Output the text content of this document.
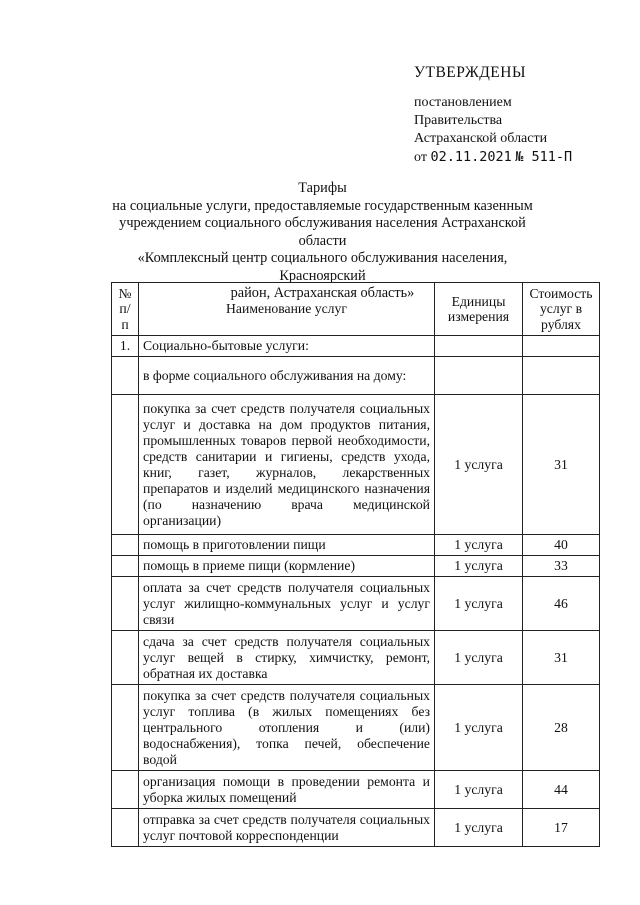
УТВЕРЖДЕНЫ
постановлением
Правительства
Астраханской области
от 02.11.2021 № 511-П
Тарифы
на социальные услуги, предоставляемые государственным казенным
учреждением социального обслуживания населения Астраханской области
«Комплексный центр социального обслуживания населения, Красноярский
район, Астраханская область»
№ п/п	Наименование услуг	Единицы измерения	Стоимость услуг в рублях
1.	Социально-бытовые услуги:		
	в форме социального обслуживания на дому:		
	покупка за счет средств получателя социальных услуг и доставка на дом продуктов питания, промышленных товаров первой необходимости, средств санитарии и гигиены, средств ухода, книг, газет, журналов, лекарственных препаратов и изделий медицинского назначения (по назначению врача медицинской организации)	1 услуга	31
	помощь в приготовлении пищи	1 услуга	40
	помощь в приеме пищи (кормление)	1 услуга	33
	оплата за счет средств получателя социальных услуг жилищно-коммунальных услуг и услуг связи	1 услуга	46
	сдача за счет средств получателя социальных услуг вещей в стирку, химчистку, ремонт, обратная их доставка	1 услуга	31
	покупка за счет средств получателя социальных услуг топлива (в жилых помещениях без центрального отопления и (или) водоснабжения), топка печей, обеспечение водой	1 услуга	28
	организация помощи в проведении ремонта и уборка жилых помещений	1 услуга	44
	отправка за счет средств получателя социальных услуг почтовой корреспонденции	1 услуга	17
